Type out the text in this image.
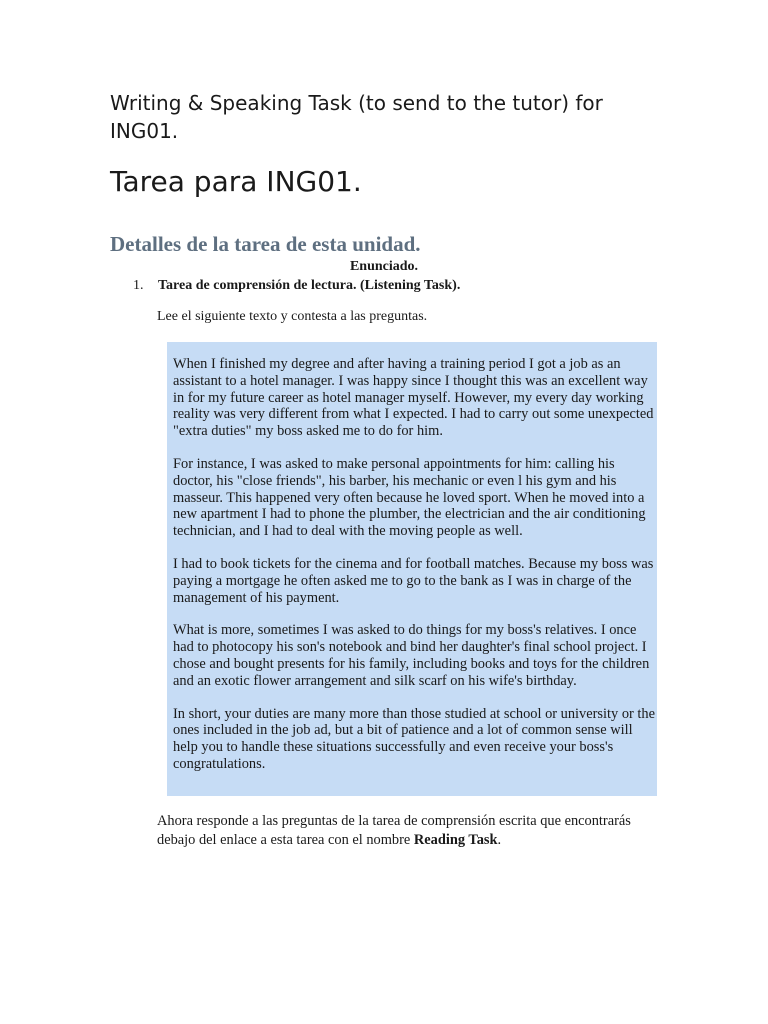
Writing & Speaking Task (to send to the tutor) for ING01.
Tarea para ING01.
Detalles de la tarea de esta unidad.
Enunciado.
1.	Tarea de comprensión de lectura. (Listening Task).
Lee el siguiente texto y contesta a las preguntas.

When I finished my degree and after having a training period I got a job as an assistant to a hotel manager. I was happy since I thought this was an excellent way in for my future career as hotel manager myself. However, my every day working reality was very different from what I expected. I had to carry out some unexpected "extra duties" my boss asked me to do for him.

For instance, I was asked to make personal appointments for him: calling his doctor, his "close friends", his barber, his mechanic or even l his gym and his masseur. This happened very often because he loved sport. When he moved into a new apartment I had to phone the plumber, the electrician and the air conditioning technician, and I had to deal with the moving people as well.

I had to book tickets for the cinema and for football matches. Because my boss was paying a mortgage he often asked me to go to the bank as I was in charge of the management of his payment.

What is more, sometimes I was asked to do things for my boss's relatives. I once had to photocopy his son's notebook and bind her daughter's final school project. I chose and bought presents for his family, including books and toys for the children and an exotic flower arrangement and silk scarf on his wife's birthday.

In short, your duties are many more than those studied at school or university or the ones included in the job ad, but a bit of patience and a lot of common sense will help you to handle these situations successfully and even receive your boss's congratulations.

Ahora responde a las preguntas de la tarea de comprensión escrita que encontrarás debajo del enlace a esta tarea con el nombre Reading Task.
